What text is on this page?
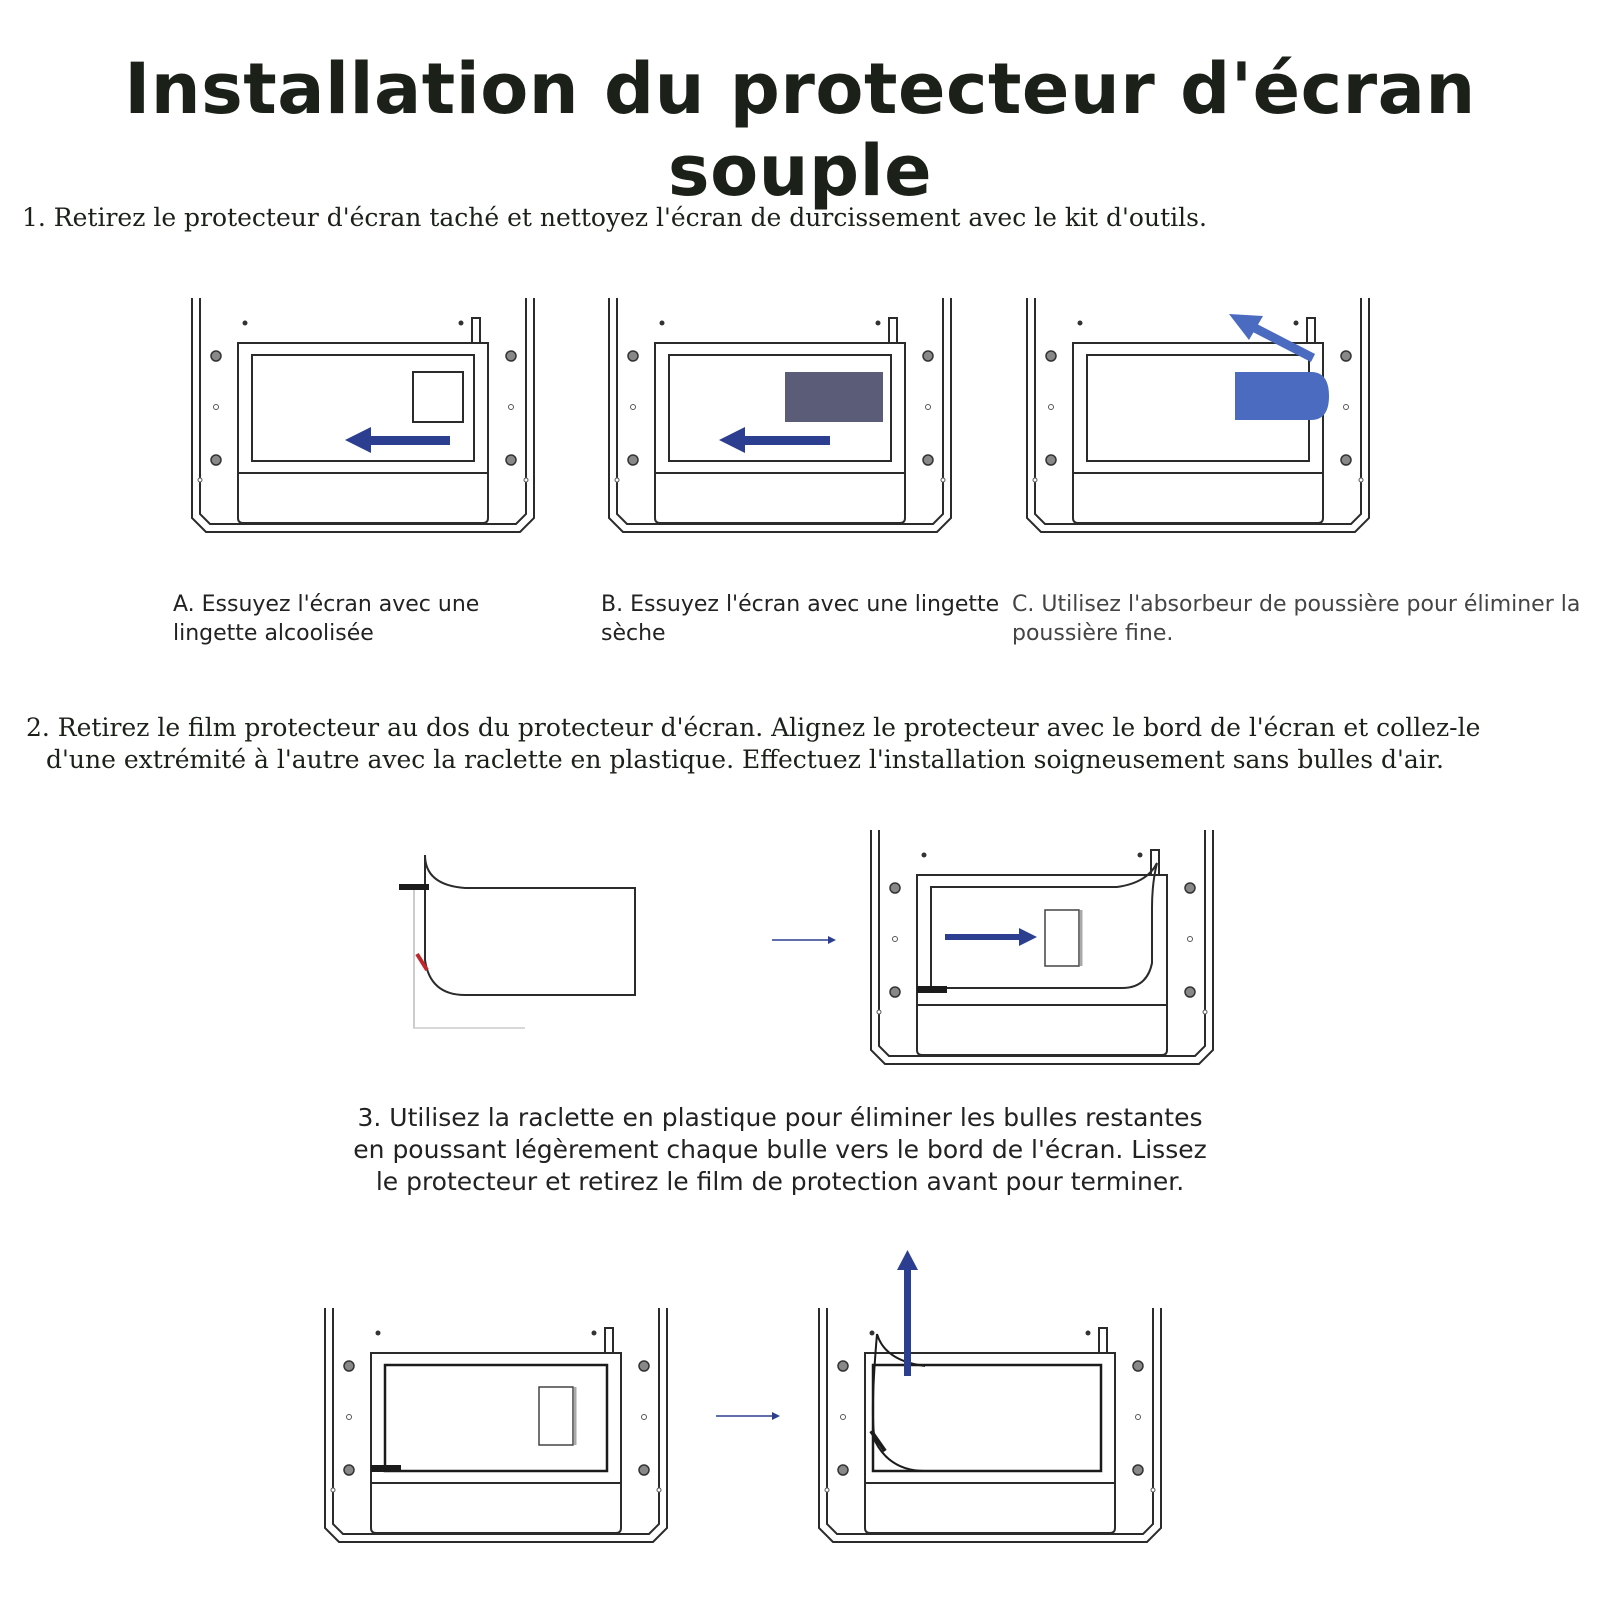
Installation du protecteur d'écran souple
1. Retirez le protecteur d'écran taché et nettoyez l'écran de durcissement avec le kit d'outils.
A. Essuyez l'écran avec une lingette alcoolisée
B. Essuyez l'écran avec une lingette sèche
C. Utilisez l'absorbeur de poussière pour éliminer la poussière fine.
2. Retirez le film protecteur au dos du protecteur d'écran. Alignez le protecteur avec le bord de l'écran et collez-le
d'une extrémité à l'autre avec la raclette en plastique. Effectuez l'installation soigneusement sans bulles d'air.
3. Utilisez la raclette en plastique pour éliminer les bulles restantes en poussant légèrement chaque bulle vers le bord de l'écran. Lissez le protecteur et retirez le film de protection avant pour terminer.
